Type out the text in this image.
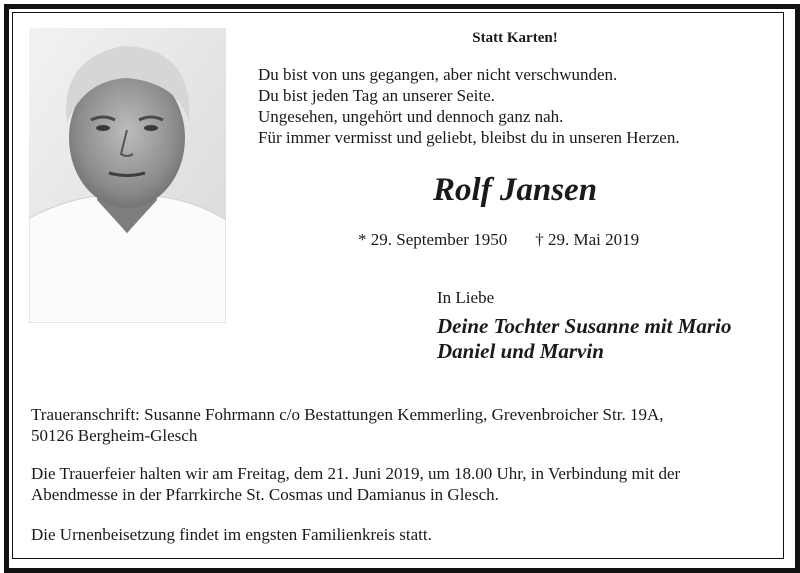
Statt Karten!
Du bist von uns gegangen, aber nicht verschwunden.
Du bist jeden Tag an unserer Seite.
Ungesehen, ungehört und dennoch ganz nah.
Für immer vermisst und geliebt, bleibst du in unseren Herzen.
Rolf Jansen
* 29. September 1950 † 29. Mai 2019
In Liebe
Deine Tochter Susanne mit Mario
Daniel und Marvin
Traueranschrift: Susanne Fohrmann c/o Bestattungen Kemmerling, Grevenbroicher Str. 19A,
50126 Bergheim-Glesch
Die Trauerfeier halten wir am Freitag, dem 21. Juni 2019, um 18.00 Uhr, in Verbindung mit der
Abendmesse in der Pfarrkirche St. Cosmas und Damianus in Glesch.
Die Urnenbeisetzung findet im engsten Familienkreis statt.
